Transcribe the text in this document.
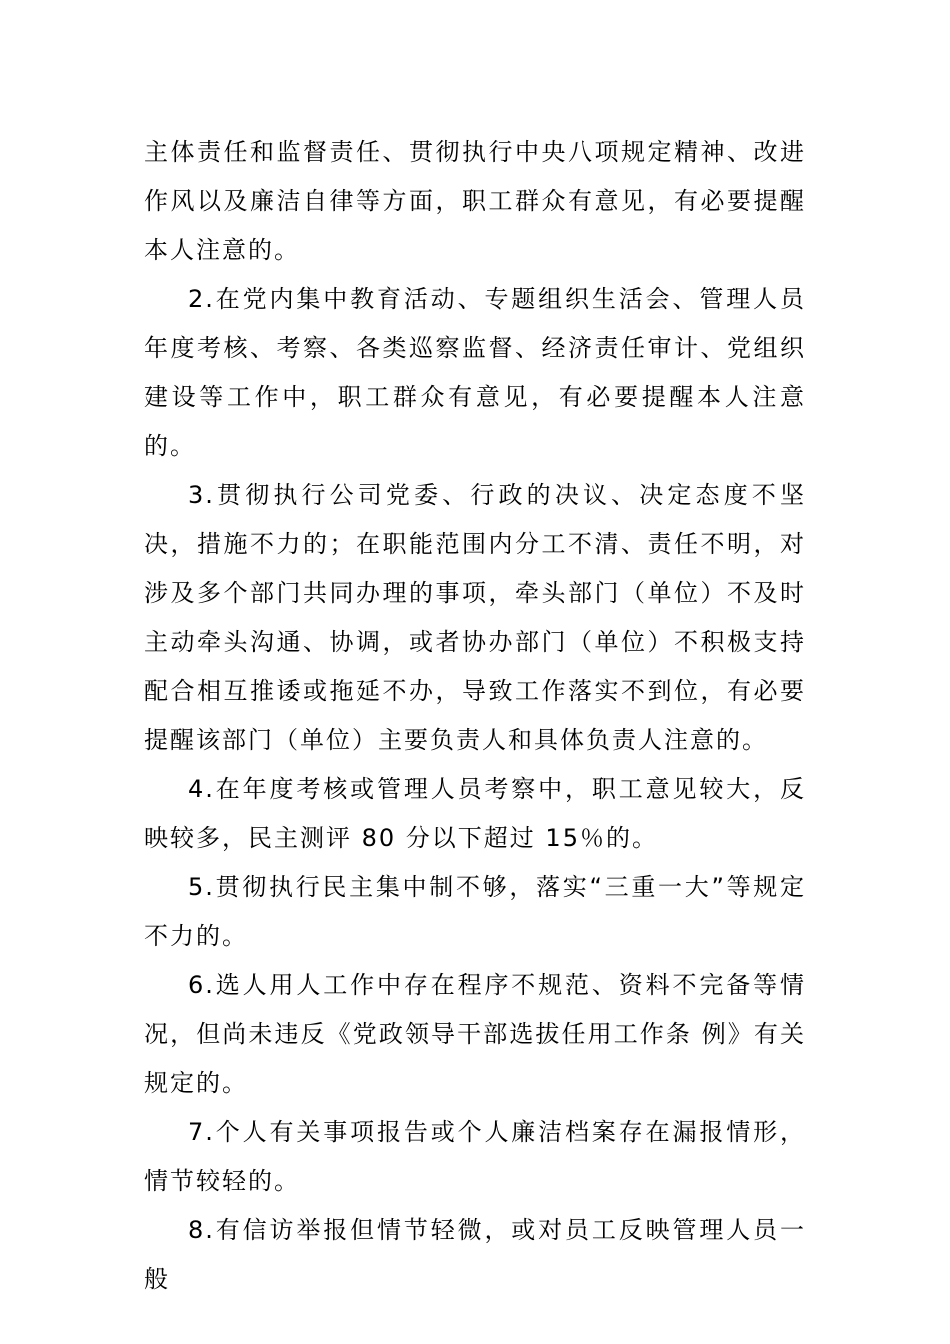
主体责任和监督责任、贯彻执行中央八项规定精神、改进作风以及廉洁自律等方面，职工群众有意见，有必要提醒本人注意的。

2.在党内集中教育活动、专题组织生活会、管理人员年度考核、考察、各类巡察监督、经济责任审计、党组织建设等工作中，职工群众有意见，有必要提醒本人注意的。

3.贯彻执行公司党委、行政的决议、决定态度不坚决，措施不力的；在职能范围内分工不清、责任不明，对涉及多个部门共同办理的事项，牵头部门（单位）不及时主动牵头沟通、协调，或者协办部门（单位）不积极支持配合相互推诿或拖延不办，导致工作落实不到位，有必要提醒该部门（单位）主要负责人和具体负责人注意的。

4.在年度考核或管理人员考察中，职工意见较大，反映较多，民主测评 80 分以下超过 15％的。

5.贯彻执行民主集中制不够，落实“三重一大”等规定不力的。

6.选人用人工作中存在程序不规范、资料不完备等情况，但尚未违反《党政领导干部选拔任用工作条 例》有关规定的。

7.个人有关事项报告或个人廉洁档案存在漏报情形，情节较轻的。

8.有信访举报但情节轻微，或对员工反映管理人员一般
